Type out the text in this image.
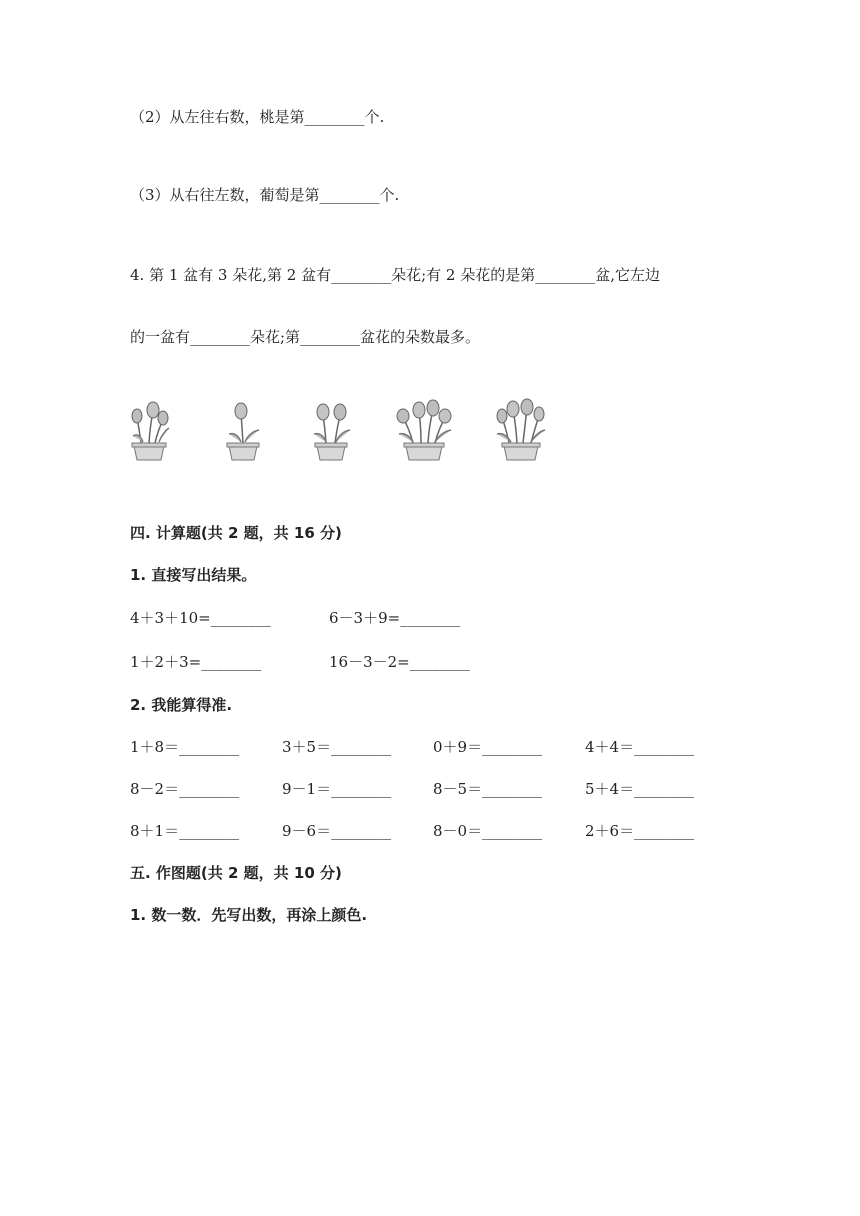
（2）从左往右数，桃是第________个.
（3）从右往左数，葡萄是第________个.
4. 第 1 盆有 3 朵花,第 2 盆有________朵花;有 2 朵花的是第________盆,它左边
的一盆有________朵花;第________盆花的朵数最多。
四. 计算题(共 2 题，共 16 分)
1. 直接写出结果。
4＋3＋10=________	6－3＋9=________
1＋2＋3=________	16－3－2=________
2. 我能算得准.
1＋8＝________	3＋5＝________	0＋9＝________	4＋4＝________
8－2＝________	9－1＝________	8－5＝________	5＋4＝________
8＋1＝________	9－6＝________	8－0＝________	2＋6＝________
五. 作图题(共 2 题，共 10 分)
1. 数一数．先写出数，再涂上颜色.
